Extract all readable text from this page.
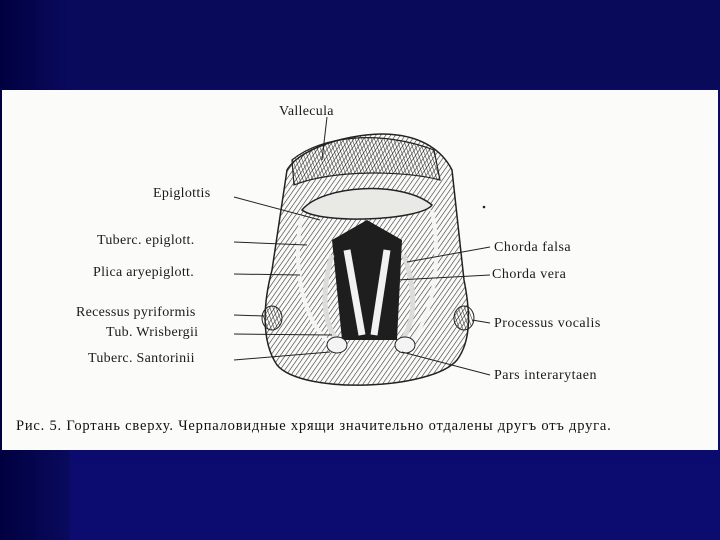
Vallecula
Epiglottis
Tuberc. epiglott.
Plica aryepiglott.
Recessus pyriformis
Tub. Wrisbergii
Tuberc. Santorinii
Chorda falsa
Chorda vera
Processus vocalis
Pars interarytaen
Рис. 5. Гортань сверху. Черпаловидные хрящи значительно отдалены другъ отъ друга.
